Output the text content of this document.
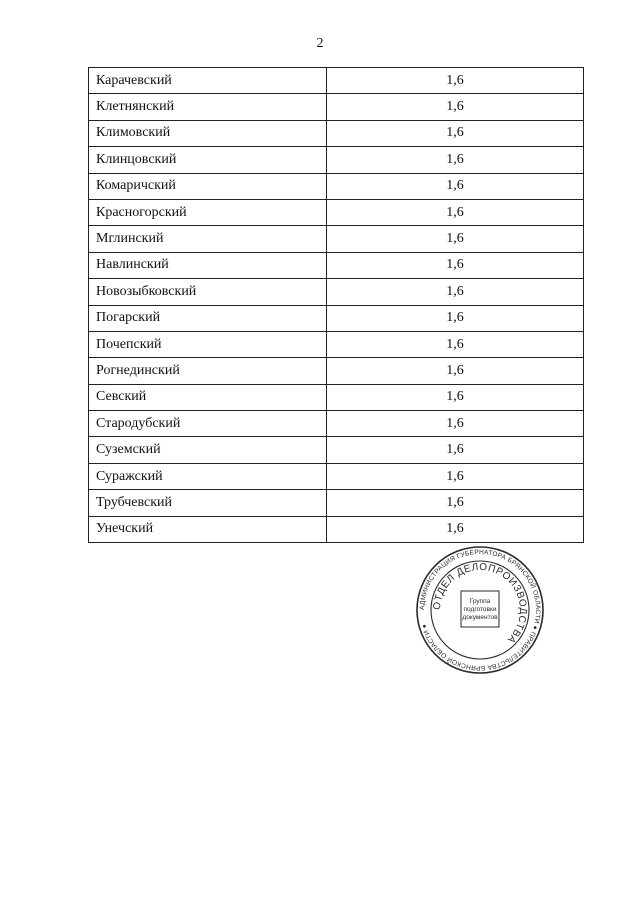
2
Карачевский	1,6
Клетнянский	1,6
Климовский	1,6
Клинцовский	1,6
Комаричский	1,6
Красногорский	1,6
Мглинский	1,6
Навлинский	1,6
Новозыбковский	1,6
Погарский	1,6
Почепский	1,6
Рогнединский	1,6
Севский	1,6
Стародубский	1,6
Суземский	1,6
Суражский	1,6
Трубчевский	1,6
Унечский	1,6
АДМИНИСТРАЦИЯ ГУБЕРНАТОРА БРЯНСКОЙ ОБЛАСТИ ● ПРАВИТЕЛЬСТВА БРЯНСКОЙ ОБЛАСТИ ●
ОТДЕЛ ДЕЛОПРОИЗВОДСТВА
Группа
подготовки
документов
